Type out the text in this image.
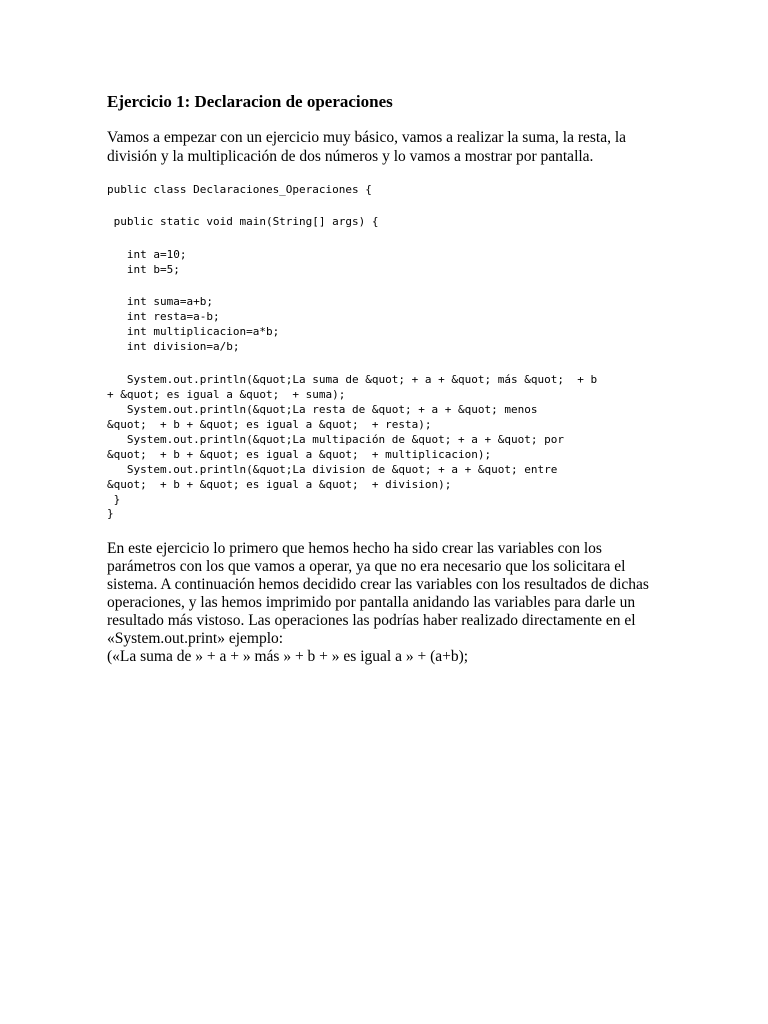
Ejercicio 1: Declaracion de operaciones

Vamos a empezar con un ejercicio muy básico, vamos a realizar la suma, la resta, la división y la multiplicación de dos números y lo vamos a mostrar por pantalla.

public class Declaraciones_Operaciones {
public static void main(String[] args) {
int a=10;
int b=5;
int suma=a+b;
int resta=a-b;
int multiplicacion=a*b;
int division=a/b;
System.out.println(&quot;La suma de &quot; + a + &quot; más &quot;  + b
+ &quot; es igual a &quot;  + suma);
System.out.println(&quot;La resta de &quot; + a + &quot; menos
&quot;  + b + &quot; es igual a &quot;  + resta);
System.out.println(&quot;La multipación de &quot; + a + &quot; por
&quot;  + b + &quot; es igual a &quot;  + multiplicacion);
System.out.println(&quot;La division de &quot; + a + &quot; entre
&quot;  + b + &quot; es igual a &quot;  + division);
}
}
En este ejercicio lo primero que hemos hecho ha sido crear las variables con los parámetros con los que vamos a operar, ya que no era necesario que los solicitara el sistema. A continuación hemos decidido crear las variables con los resultados de dichas operaciones, y las hemos imprimido por pantalla anidando las variables para darle un resultado más vistoso. Las operaciones las podrías haber realizado directamente en el «System.out.print» ejemplo:
(«La suma de » + a + » más » + b + » es igual a » + (a+b);
